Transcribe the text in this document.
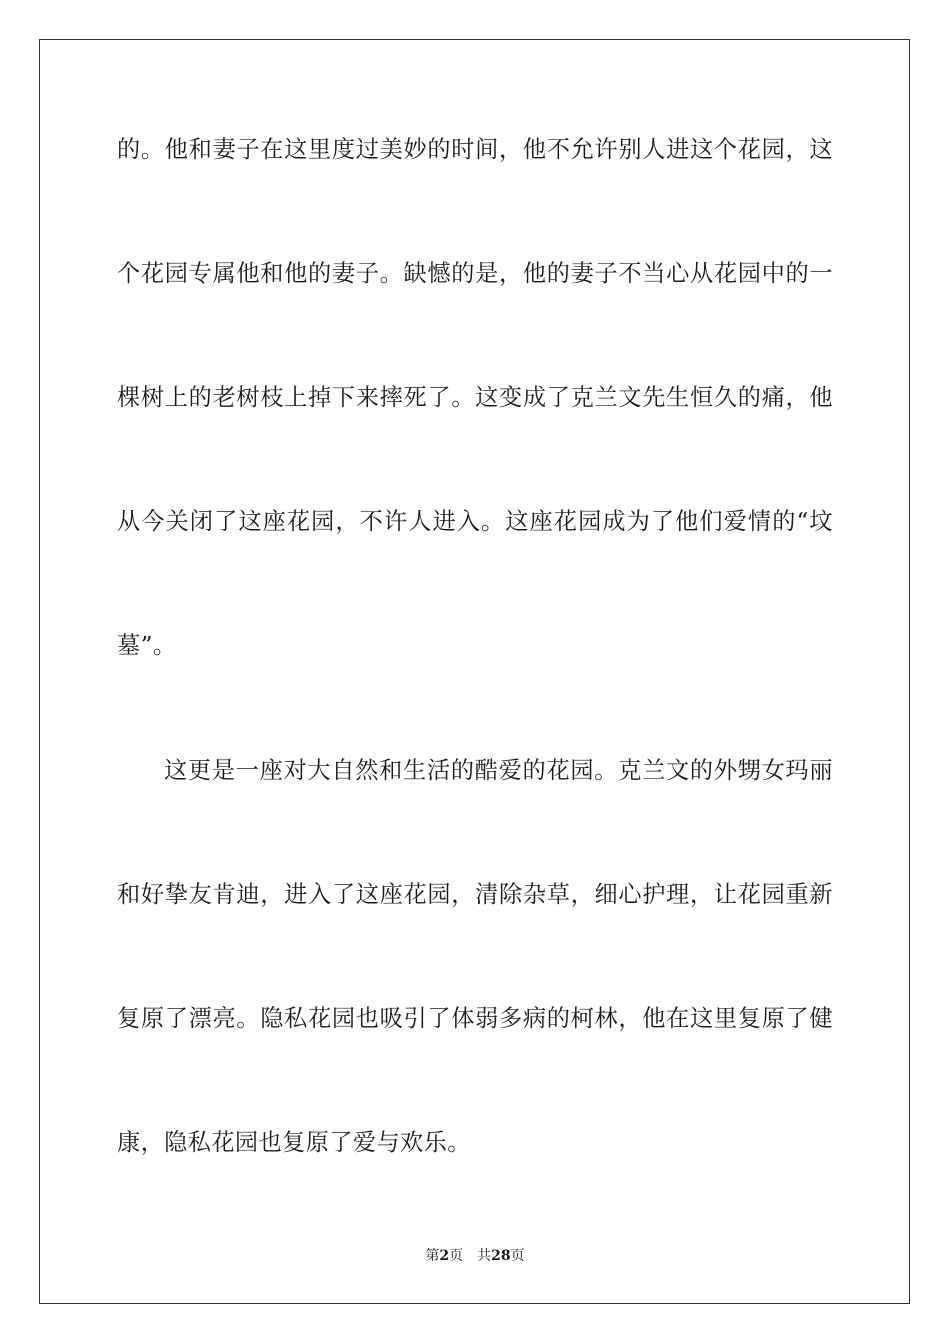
的。他和妻子在这里度过美妙的时间，他不允许别人进这个花园，这
个花园专属他和他的妻子。缺憾的是，他的妻子不当心从花园中的一
棵树上的老树枝上掉下来摔死了。这变成了克兰文先生恒久的痛，他
从今关闭了这座花园，不许人进入。这座花园成为了他们爱情的“坟
墓”。
这更是一座对大自然和生活的酷爱的花园。克兰文的外甥女玛丽
和好挚友肯迪，进入了这座花园，清除杂草，细心护理，让花园重新
复原了漂亮。隐私花园也吸引了体弱多病的柯林，他在这里复原了健
康，隐私花园也复原了爱与欢乐。
第2页 共28页
